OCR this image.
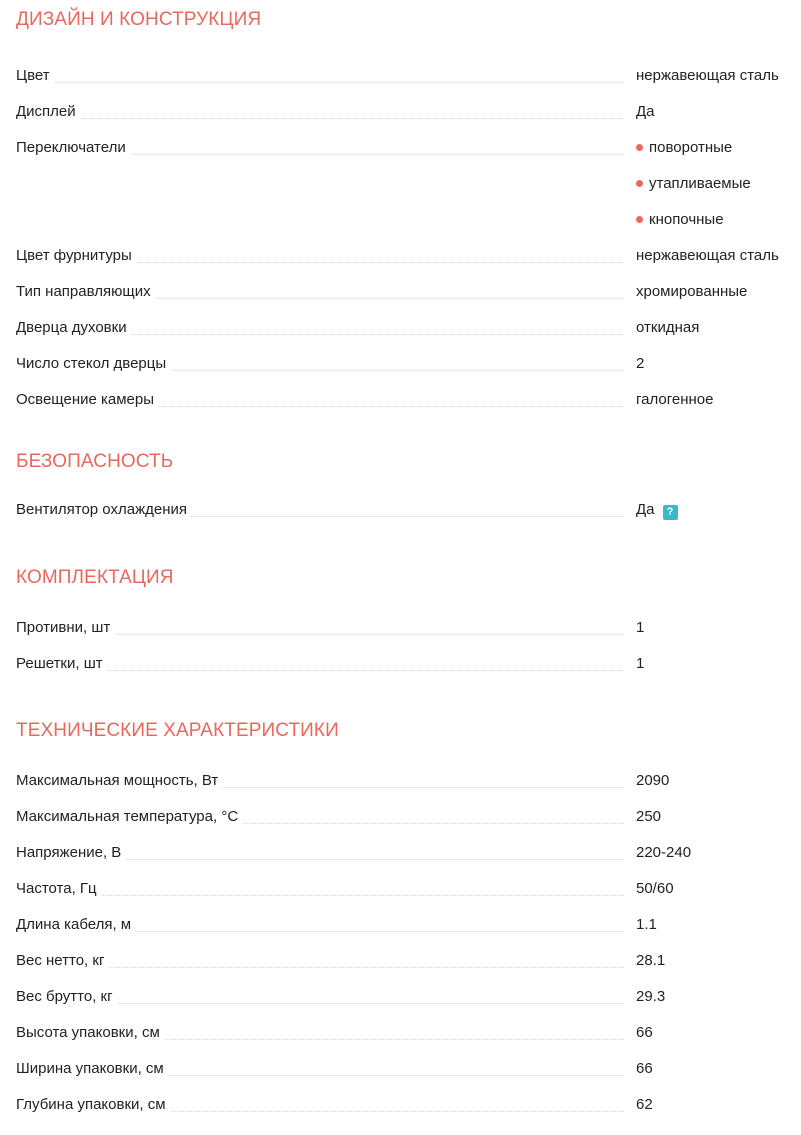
ДИЗАЙН И КОНСТРУКЦИЯ
Цвет	нержавеющая сталь
Дисплей	Да
Переключатели	поворотные
утапливаемые
кнопочные
Цвет фурнитуры	нержавеющая сталь
Тип направляющих	хромированные
Дверца духовки	откидная
Число стекол дверцы	2
Освещение камеры	галогенное
БЕЗОПАСНОСТЬ
Вентилятор охлаждения	Да ?
КОМПЛЕКТАЦИЯ
Противни, шт	1
Решетки, шт	1
ТЕХНИЧЕСКИЕ ХАРАКТЕРИСТИКИ
Максимальная мощность, Вт	2090
Максимальная температура, °C	250
Напряжение, В	220-240
Частота, Гц	50/60
Длина кабеля, м	1.1
Вес нетто, кг	28.1
Вес брутто, кг	29.3
Высота упаковки, см	66
Ширина упаковки, см	66
Глубина упаковки, см	62
